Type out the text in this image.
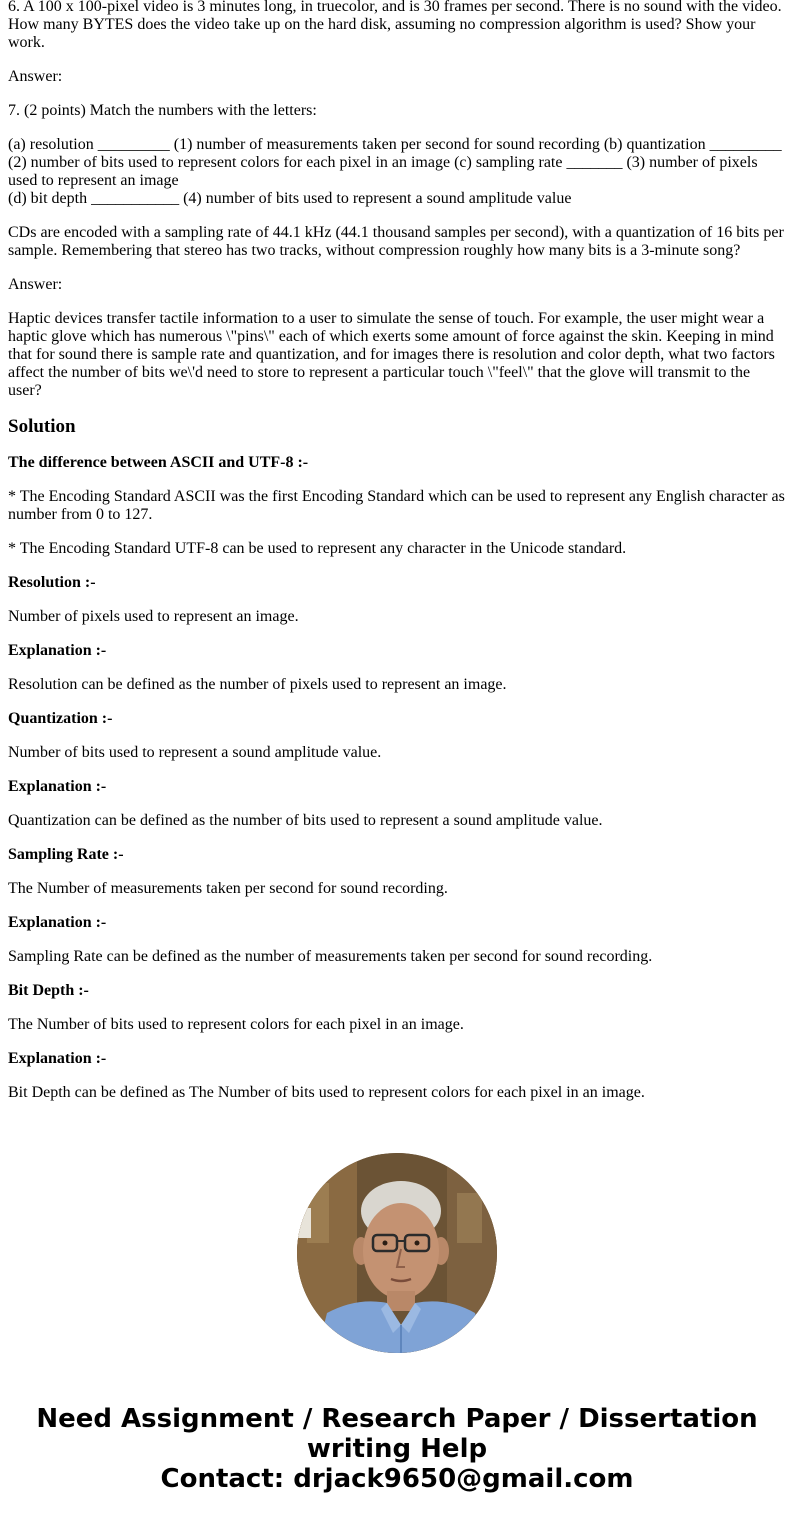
6. A 100 x 100-pixel video is 3 minutes long, in truecolor, and is 30 frames per second. There is no sound with the video. How many BYTES does the video take up on the hard disk, assuming no compression algorithm is used? Show your work.

Answer:

7. (2 points) Match the numbers with the letters:

(a) resolution _________ (1) number of measurements taken per second for sound recording (b) quantization _________ (2) number of bits used to represent colors for each pixel in an image (c) sampling rate _______ (3) number of pixels used to represent an image

(d) bit depth ___________ (4) number of bits used to represent a sound amplitude value

CDs are encoded with a sampling rate of 44.1 kHz (44.1 thousand samples per second), with a quantization of 16 bits per sample. Remembering that stereo has two tracks, without compression roughly how many bits is a 3-minute song?

Answer:

Haptic devices transfer tactile information to a user to simulate the sense of touch. For example, the user might wear a haptic glove which has numerous \"pins\" each of which exerts some amount of force against the skin. Keeping in mind that for sound there is sample rate and quantization, and for images there is resolution and color depth, what two factors affect the number of bits we\'d need to store to represent a particular touch \"feel\" that the glove will transmit to the user?

Solution

The difference between ASCII and UTF-8 :-

* The Encoding Standard ASCII was the first Encoding Standard which can be used to represent any English character as number from 0 to 127.

* The Encoding Standard UTF-8 can be used to represent any character in the Unicode standard.

Resolution :-

Number of pixels used to represent an image.

Explanation :-

Resolution can be defined as the number of pixels used to represent an image.

Quantization :-

Number of bits used to represent a sound amplitude value.

Explanation :-

Quantization can be defined as the number of bits used to represent a sound amplitude value.

Sampling Rate :-

The Number of measurements taken per second for sound recording.

Explanation :-

Sampling Rate can be defined as the number of measurements taken per second for sound recording.

Bit Depth :-

The Number of bits used to represent colors for each pixel in an image.

Explanation :-

Bit Depth can be defined as The Number of bits used to represent colors for each pixel in an image.

Need Assignment / Research Paper / Dissertation writing Help
Contact: drjack9650@gmail.com
